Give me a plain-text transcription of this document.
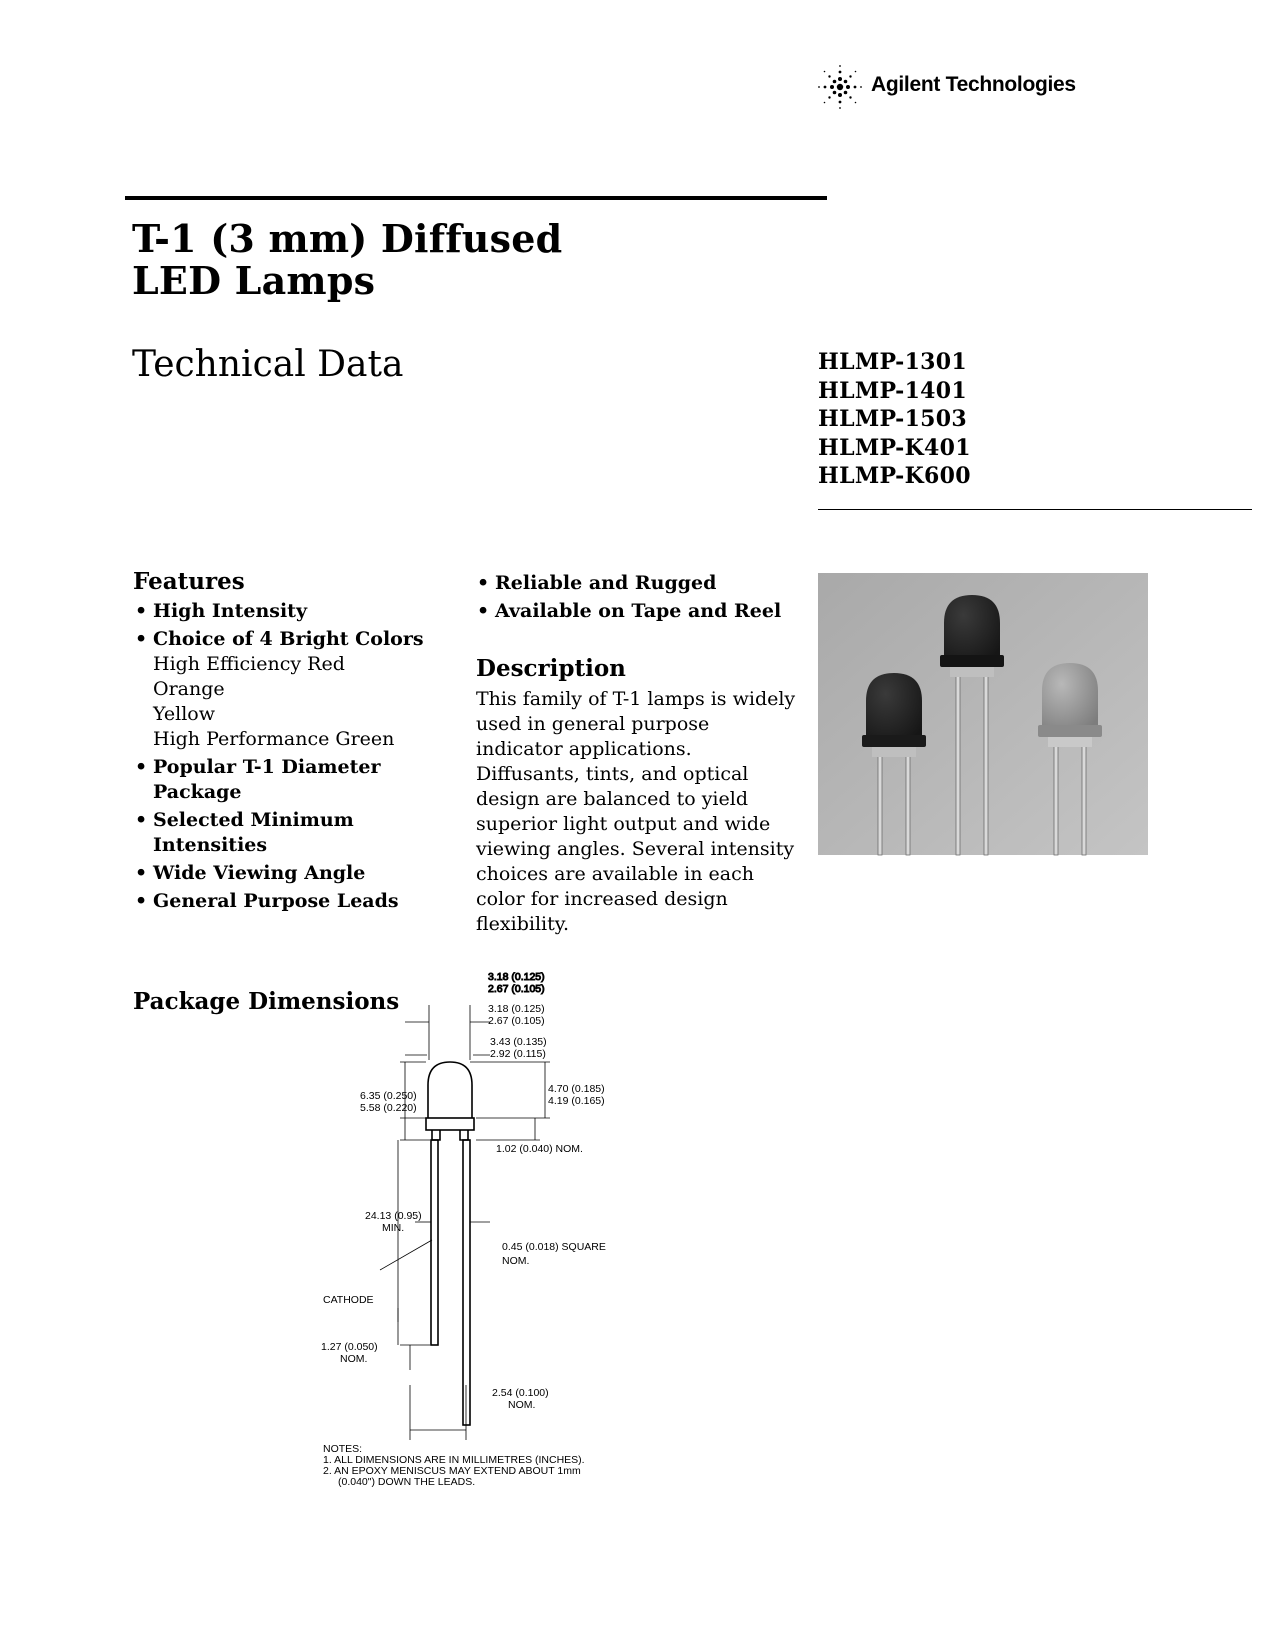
Agilent Technologies
T-1 (3 mm) Diffused
LED Lamps
Technical Data	HLMP-1301
HLMP-1401
HLMP-1503
HLMP-K401
HLMP-K600
Features
• High Intensity
• Choice of 4 Bright Colors
High Efficiency Red
Orange
Yellow
High Performance Green
• Popular T-1 Diameter Package
• Selected Minimum Intensities
• Wide Viewing Angle
• General Purpose Leads
• Reliable and Rugged
• Available on Tape and Reel
Description

This family of T-1 lamps is widely used in general purpose indicator applications. Diffusants, tints, and optical design are balanced to yield superior light output and wide viewing angles. Several intensity choices are available in each color for increased design flexibility.

Package Dimensions
3.18 (0.125)
2.67 (0.105)
3.18 (0.125)
2.67 (0.105)
3.43 (0.135)
2.92 (0.115)
4.70 (0.185)
4.19 (0.165)
6.35 (0.250)
5.58 (0.220)
1.02 (0.040) NOM.
24.13 (0.95)
MIN.
0.45 (0.018) SQUARE
NOM.
CATHODE
1.27 (0.050)
NOM.
2.54 (0.100)
NOM.
NOTES:
1. ALL DIMENSIONS ARE IN MILLIMETRES (INCHES).
2. AN EPOXY MENISCUS MAY EXTEND ABOUT 1mm
(0.040") DOWN THE LEADS.
